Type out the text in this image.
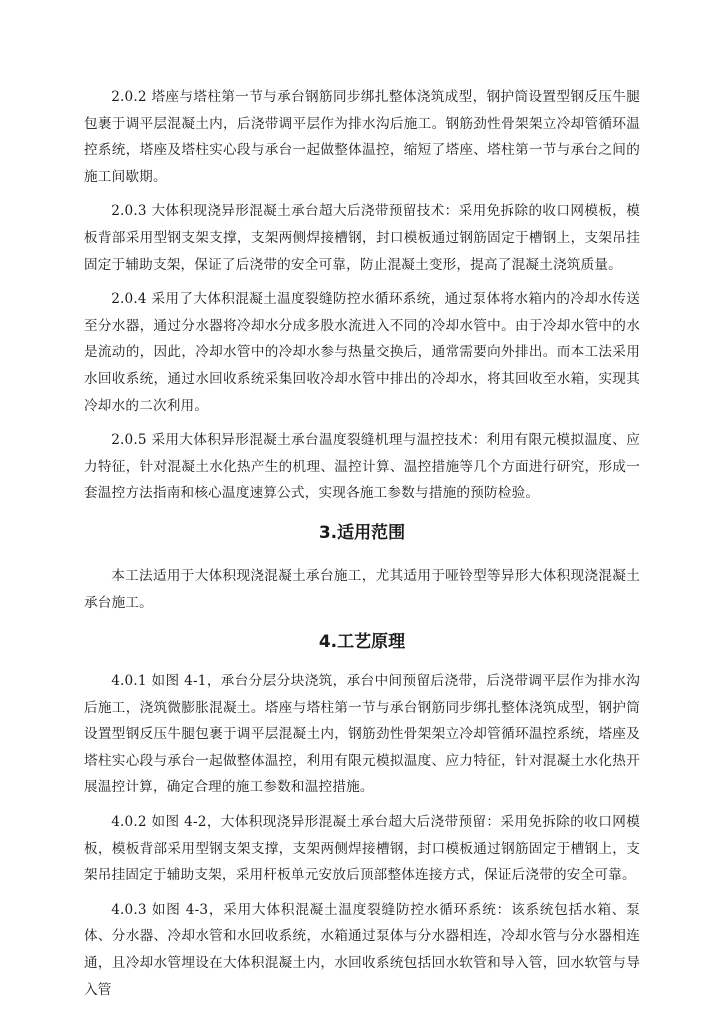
2.0.2 塔座与塔柱第一节与承台钢筋同步绑扎整体浇筑成型，钢护筒设置型钢反压牛腿包裹于调平层混凝土内，后浇带调平层作为排水沟后施工。钢筋劲性骨架架立冷却管循环温控系统，塔座及塔柱实心段与承台一起做整体温控，缩短了塔座、塔柱第一节与承台之间的施工间歇期。

2.0.3 大体积现浇异形混凝土承台超大后浇带预留技术：采用免拆除的收口网模板，模板背部采用型钢支架支撑，支架两侧焊接槽钢，封口模板通过钢筋固定于槽钢上，支架吊挂固定于辅助支架，保证了后浇带的安全可靠，防止混凝土变形，提高了混凝土浇筑质量。

2.0.4 采用了大体积混凝土温度裂缝防控水循环系统，通过泵体将水箱内的冷却水传送至分水器，通过分水器将冷却水分成多股水流进入不同的冷却水管中。由于冷却水管中的水是流动的，因此，冷却水管中的冷却水参与热量交换后，通常需要向外排出。而本工法采用水回收系统，通过水回收系统采集回收冷却水管中排出的冷却水，将其回收至水箱，实现其冷却水的二次利用。

2.0.5 采用大体积异形混凝土承台温度裂缝机理与温控技术：利用有限元模拟温度、应力特征，针对混凝土水化热产生的机理、温控计算、温控措施等几个方面进行研究，形成一套温控方法指南和核心温度速算公式，实现各施工参数与措施的预防检验。

3.适用范围

本工法适用于大体积现浇混凝土承台施工，尤其适用于哑铃型等异形大体积现浇混凝土承台施工。

4.工艺原理

4.0.1 如图 4-1，承台分层分块浇筑，承台中间预留后浇带，后浇带调平层作为排水沟后施工，浇筑微膨胀混凝土。塔座与塔柱第一节与承台钢筋同步绑扎整体浇筑成型，钢护筒设置型钢反压牛腿包裹于调平层混凝土内，钢筋劲性骨架架立冷却管循环温控系统，塔座及塔柱实心段与承台一起做整体温控，利用有限元模拟温度、应力特征，针对混凝土水化热开展温控计算，确定合理的施工参数和温控措施。

4.0.2 如图 4-2，大体积现浇异形混凝土承台超大后浇带预留：采用免拆除的收口网模板，模板背部采用型钢支架支撑，支架两侧焊接槽钢，封口模板通过钢筋固定于槽钢上，支架吊挂固定于辅助支架，采用杆板单元安放后顶部整体连接方式，保证后浇带的安全可靠。

4.0.3 如图 4-3，采用大体积混凝土温度裂缝防控水循环系统：该系统包括水箱、泵体、分水器、冷却水管和水回收系统，水箱通过泵体与分水器相连，冷却水管与分水器相连通，且冷却水管埋设在大体积混凝土内，水回收系统包括回水软管和导入管，回水软管与导入管
